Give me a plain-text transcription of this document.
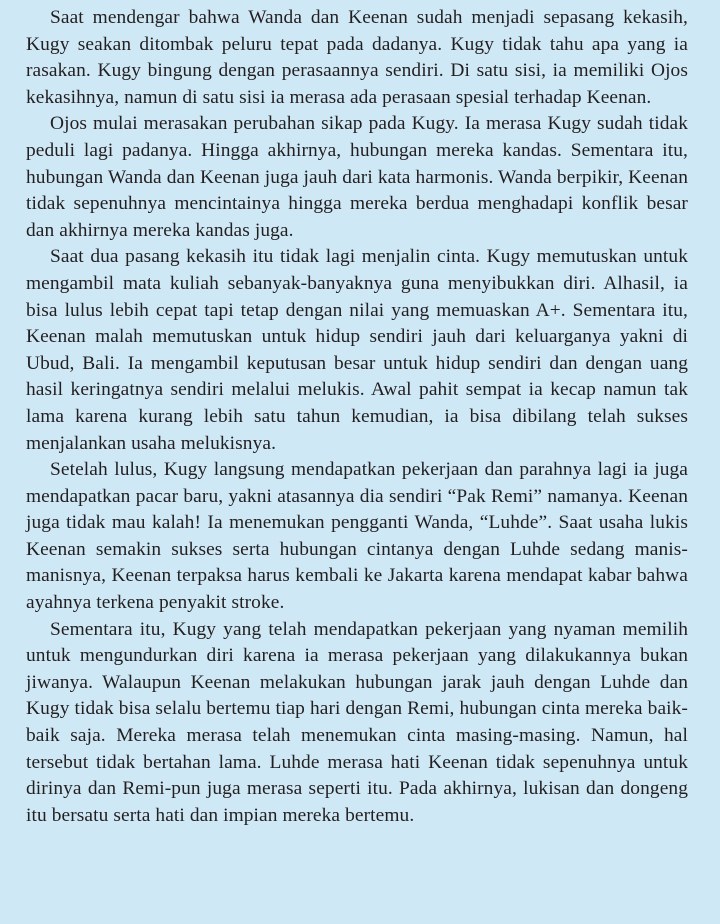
Saat mendengar bahwa Wanda dan Keenan sudah menjadi sepasang kekasih, Kugy seakan ditombak peluru tepat pada dadanya. Kugy tidak tahu apa yang ia rasakan. Kugy bingung dengan perasaannya sendiri. Di satu sisi, ia memiliki Ojos kekasihnya, namun di satu sisi ia merasa ada perasaan spesial terhadap Keenan.

Ojos mulai merasakan perubahan sikap pada Kugy. Ia merasa Kugy sudah tidak peduli lagi padanya. Hingga akhirnya, hubungan mereka kandas. Sementara itu, hubungan Wanda dan Keenan juga jauh dari kata harmonis. Wanda berpikir, Keenan tidak sepenuhnya mencintainya hingga mereka berdua menghadapi konflik besar dan akhirnya mereka kandas juga.

Saat dua pasang kekasih itu tidak lagi menjalin cinta. Kugy memutuskan untuk mengambil mata kuliah sebanyak-banyaknya guna menyibukkan diri. Alhasil, ia bisa lulus lebih cepat tapi tetap dengan nilai yang memuaskan A+. Sementara itu, Keenan malah memutuskan untuk hidup sendiri jauh dari keluarganya yakni di Ubud, Bali. Ia mengambil keputusan besar untuk hidup sendiri dan dengan uang hasil keringatnya sendiri melalui melukis. Awal pahit sempat ia kecap namun tak lama karena kurang lebih satu tahun kemudian, ia bisa dibilang telah sukses menjalankan usaha melukisnya.

Setelah lulus, Kugy langsung mendapatkan pekerjaan dan parahnya lagi ia juga mendapatkan pacar baru, yakni atasannya dia sendiri “Pak Remi” namanya. Keenan juga tidak mau kalah! Ia menemukan pengganti Wanda, “Luhde”. Saat usaha lukis Keenan semakin sukses serta hubungan cintanya dengan Luhde sedang manis-manisnya, Keenan terpaksa harus kembali ke Jakarta karena mendapat kabar bahwa ayahnya terkena penyakit stroke.

Sementara itu, Kugy yang telah mendapatkan pekerjaan yang nyaman memilih untuk mengundurkan diri karena ia merasa pekerjaan yang dilakukannya bukan jiwanya. Walaupun Keenan melakukan hubungan jarak jauh dengan Luhde dan Kugy tidak bisa selalu bertemu tiap hari dengan Remi, hubungan cinta mereka baik-baik saja. Mereka merasa telah menemukan cinta masing-masing. Namun, hal tersebut tidak bertahan lama. Luhde merasa hati Keenan tidak sepenuhnya untuk dirinya dan Remi-pun juga merasa seperti itu. Pada akhirnya, lukisan dan dongeng itu bersatu serta hati dan impian mereka bertemu.
